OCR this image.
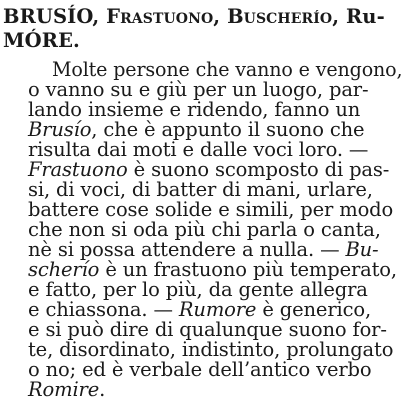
BRUSÍO, Frastuono, Buscherío, Ru-
MÓRE.
Molte persone che vanno e vengono,
o vanno su e giù per un luogo, par-
lando insieme e ridendo, fanno un
Brusío, che è appunto il suono che
risulta dai moti e dalle voci loro. —
Frastuono è suono scomposto di pas-
si, di voci, di batter di mani, urlare,
battere cose solide e simili, per modo
che non si oda più chi parla o canta,
nè si possa attendere a nulla. — Bu-
scherío è un frastuono più temperato,
e fatto, per lo più, da gente allegra
e chiassona. — Rumore è generico,
e si può dire di qualunque suono for-
te, disordinato, indistinto, prolungato
o no; ed è verbale dell’antico verbo
Romire.
